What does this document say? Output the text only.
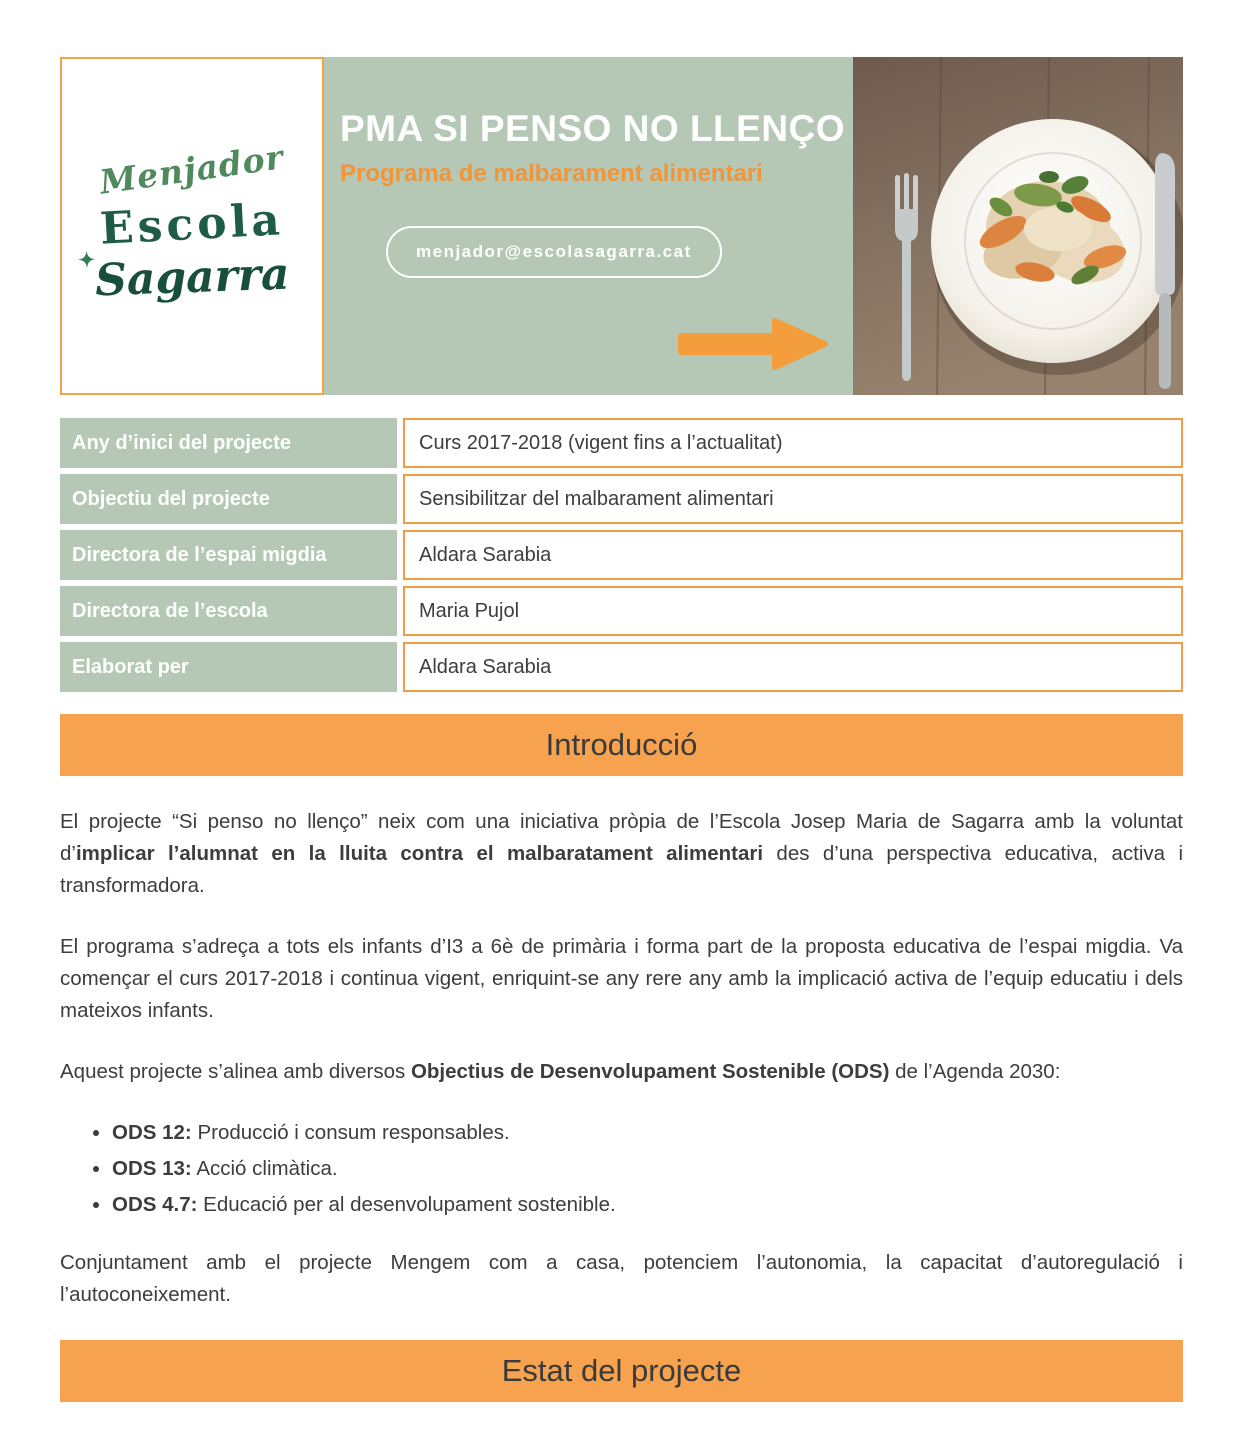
Menjador
Escola
✦
Sagarra
PMA SI PENSO NO LLENÇO
Programa de malbarament alimentari
menjador@escolasagarra.cat
Any d’inici del projecte	Curs 2017-2018 (vigent fins a l’actualitat)
Objectiu del projecte	Sensibilitzar del malbarament alimentari
Directora de l’espai migdia	Aldara Sarabia
Directora de l’escola	Maria Pujol
Elaborat per	Aldara Sarabia
Introducció

El projecte “Si penso no llenço” neix com una iniciativa pròpia de l’Escola Josep Maria de Sagarra amb la voluntat d’implicar l’alumnat en la lluita contra el malbaratament alimentari des d’una perspectiva educativa, activa i transformadora.

El programa s’adreça a tots els infants d’I3 a 6è de primària i forma part de la proposta educativa de l’espai migdia. Va començar el curs 2017-2018 i continua vigent, enriquint-se any rere any amb la implicació activa de l’equip educatiu i dels mateixos infants.

Aquest projecte s’alinea amb diversos Objectius de Desenvolupament Sostenible (ODS) de l’Agenda 2030:

• ODS 12: Producció i consum responsables.
• ODS 13: Acció climàtica.
• ODS 4.7: Educació per al desenvolupament sostenible.

Conjuntament amb el projecte Mengem com a casa, potenciem l’autonomia, la capacitat d’autoregulació i l’autoconeixement.

Estat del projecte
